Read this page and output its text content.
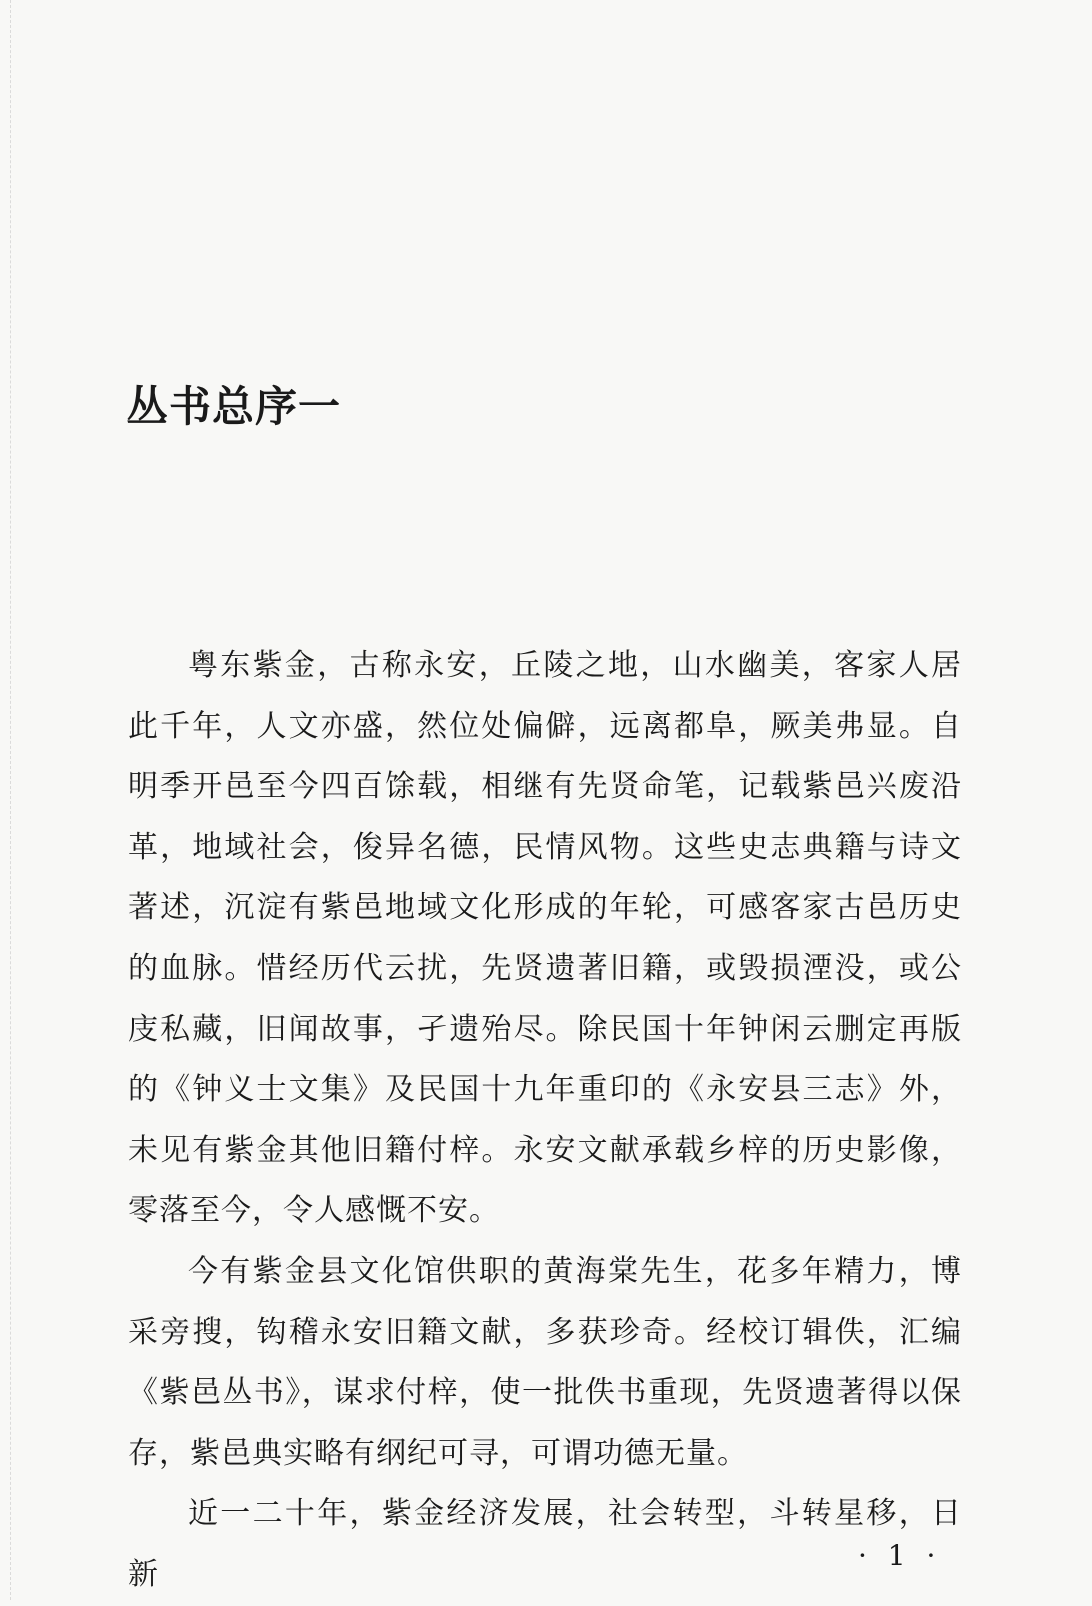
丛书总序一

粤东紫金，古称永安，丘陵之地，山水幽美，客家人居此千年，人文亦盛，然位处偏僻，远离都阜，厥美弗显。自明季开邑至今四百馀载，相继有先贤命笔，记载紫邑兴废沿革，地域社会，俊异名德，民情风物。这些史志典籍与诗文著述，沉淀有紫邑地域文化形成的年轮，可感客家古邑历史的血脉。惜经历代云扰，先贤遗著旧籍，或毁损湮没，或公庋私藏，旧闻故事，孑遗殆尽。除民国十年钟闲云删定再版的《钟义士文集》及民国十九年重印的《永安县三志》外，未见有紫金其他旧籍付梓。永安文献承载乡梓的历史影像，零落至今，令人感慨不安。

今有紫金县文化馆供职的黄海棠先生，花多年精力，博采旁搜，钩稽永安旧籍文献，多获珍奇。经校订辑佚，汇编《紫邑丛书》，谋求付梓，使一批佚书重现，先贤遗著得以保存，紫邑典实略有纲纪可寻，可谓功德无量。

近一二十年，紫金经济发展，社会转型，斗转星移，日新

· 1 ·
